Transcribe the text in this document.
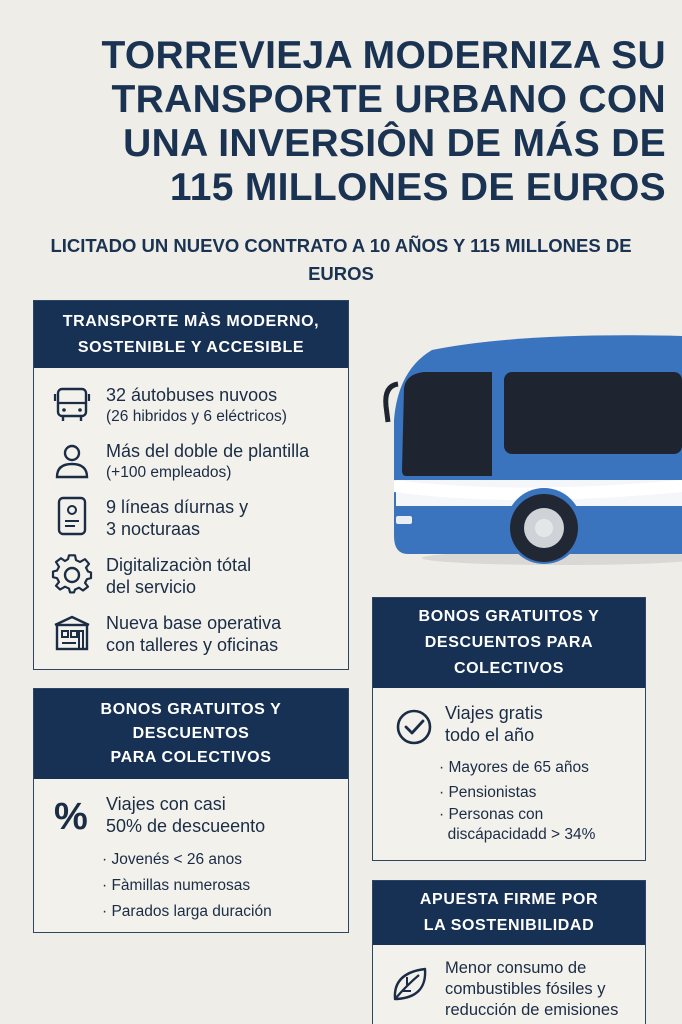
TORREVIEJA MODERNIZA SU
TRANSPORTE URBANO CON
UNA INVERSIÔN DE MÁS DE
115 MILLONES DE EUROS
LICITADO UN NUEVO CONTRATO A 10 AÑOS Y 115 MILLONES DE
EUROS
TRANSPORTE MÀS MODERNO,
SOSTENIBLE Y ACCESIBLE
32 áutobuses nuvoos
(26 hibridos y 6 eléctricos)
Más del doble de plantilla
(+100 empleados)
9 líneas díurnas y
3 nocturaas
Digitalizaciòn tótal
del servicio
Nueva base operativa
con talleres y oficinas
BONOS GRATUITOS Y
DESCUENTOS
PARA COLECTIVOS
% Viajes con casi
50% de descueento
· Jovenés < 26 anos
· Fàmillas numerosas
· Parados larga duración
BONOS GRATUITOS Y
DESCUENTOS PARA
COLECTIVOS
Viajes gratis
todo el año
· Mayores de 65 años
· Pensionistas
· Personas con
discápacidadd > 34%
APUESTA FIRME POR
LA SOSTENIBILIDAD
Menor consumo de
combustibles fósiles y
reducción de emisiones
